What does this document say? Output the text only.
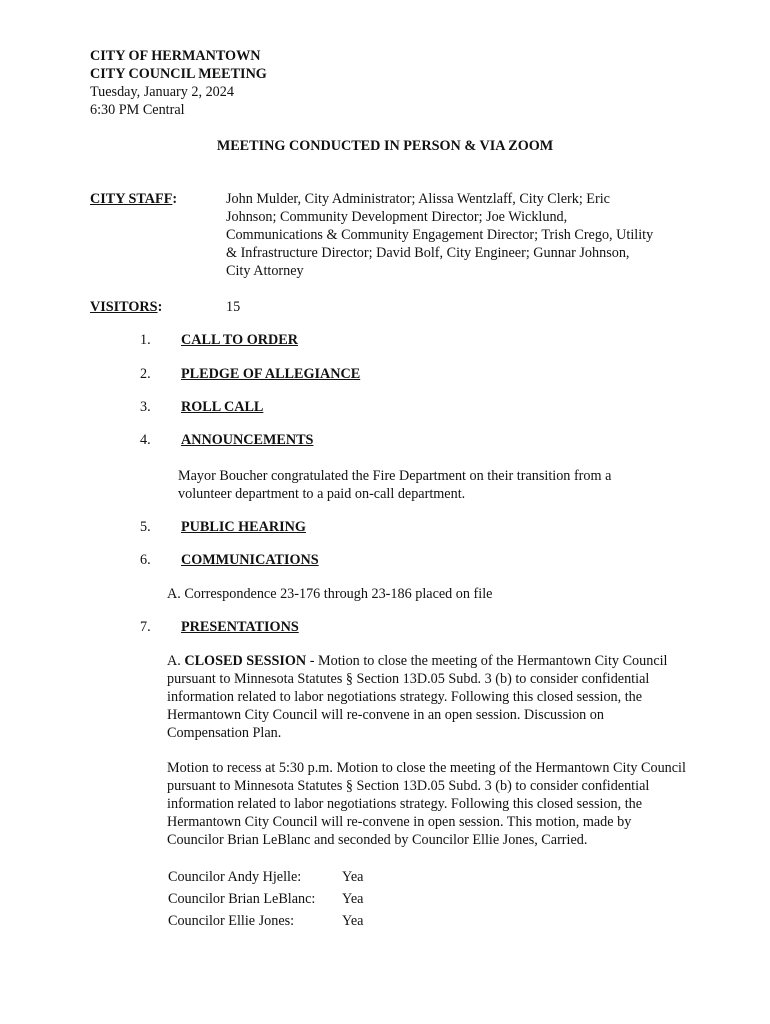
CITY OF HERMANTOWN
CITY COUNCIL MEETING
Tuesday, January 2, 2024
6:30 PM Central
MEETING CONDUCTED IN PERSON & VIA ZOOM
CITY STAFF:	John Mulder, City Administrator; Alissa Wentzlaff, City Clerk; Eric Johnson; Community Development Director; Joe Wicklund, Communications & Community Engagement Director; Trish Crego, Utility & Infrastructure Director; David Bolf, City Engineer; Gunnar Johnson, City Attorney
VISITORS:	15
1.	CALL TO ORDER
2.	PLEDGE OF ALLEGIANCE
3.	ROLL CALL
4.	ANNOUNCEMENTS
Mayor Boucher congratulated the Fire Department on their transition from a volunteer department to a paid on-call department.
5.	PUBLIC HEARING
6.	COMMUNICATIONS
A. Correspondence 23-176 through 23-186 placed on file
7.	PRESENTATIONS
A. CLOSED SESSION - Motion to close the meeting of the Hermantown City Council pursuant to Minnesota Statutes § Section 13D.05 Subd. 3 (b) to consider confidential information related to labor negotiations strategy. Following this closed session, the Hermantown City Council will re-convene in an open session. Discussion on Compensation Plan.
Motion to recess at 5:30 p.m. Motion to close the meeting of the Hermantown City Council pursuant to Minnesota Statutes § Section 13D.05 Subd. 3 (b) to consider confidential information related to labor negotiations strategy. Following this closed session, the Hermantown City Council will re-convene in open session. This motion, made by Councilor Brian LeBlanc and seconded by Councilor Ellie Jones, Carried.
Councilor Andy Hjelle:	Yea
Councilor Brian LeBlanc: Yea
Councilor Ellie Jones:	Yea
